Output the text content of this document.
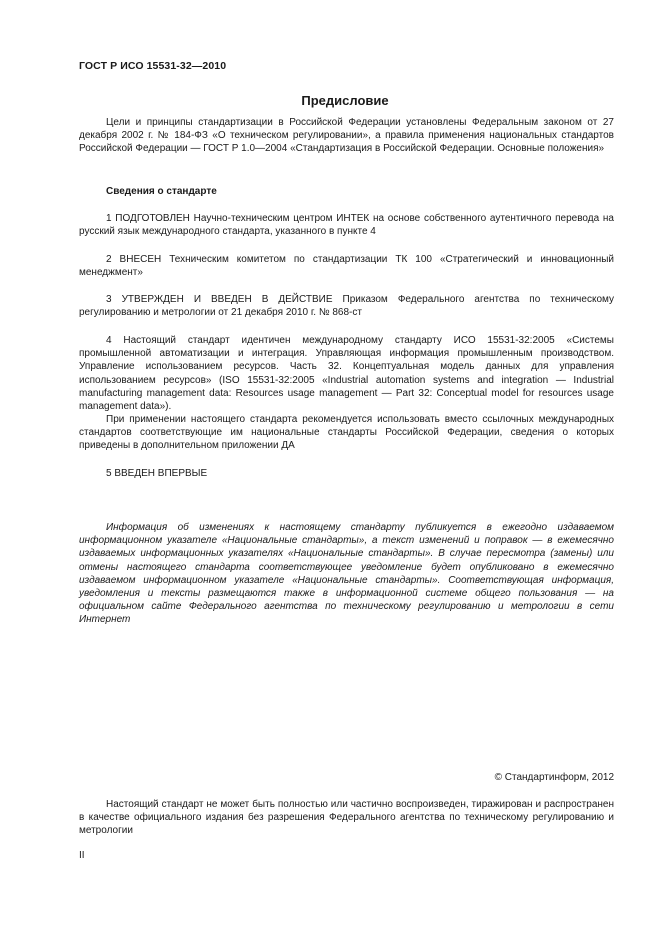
ГОСТ Р ИСО 15531-32—2010
Предисловие

Цели и принципы стандартизации в Российской Федерации установлены Федеральным законом от 27 декабря 2002 г. № 184-ФЗ «О техническом регулировании», а правила применения национальных стандартов Российской Федерации — ГОСТ Р 1.0—2004 «Стандартизация в Российской Федерации. Основные положения»

Сведения о стандарте

1 ПОДГОТОВЛЕН Научно-техническим центром ИНТЕК на основе собственного аутентичного перевода на русский язык международного стандарта, указанного в пункте 4

2 ВНЕСЕН Техническим комитетом по стандартизации ТК 100 «Стратегический и инновационный менеджмент»

3 УТВЕРЖДЕН И ВВЕДЕН В ДЕЙСТВИЕ Приказом Федерального агентства по техническому регулированию и метрологии от 21 декабря 2010 г. № 868-ст

4 Настоящий стандарт идентичен международному стандарту ИСО 15531-32:2005 «Системы промышленной автоматизации и интеграция. Управляющая информация промышленным производством. Управление использованием ресурсов. Часть 32. Концептуальная модель данных для управления использованием ресурсов» (ISO 15531-32:2005 «Industrial automation systems and integration — Industrial manufacturing management data: Resources usage management — Part 32: Conceptual model for resources usage management data»).

При применении настоящего стандарта рекомендуется использовать вместо ссылочных международных стандартов соответствующие им национальные стандарты Российской Федерации, сведения о которых приведены в дополнительном приложении ДА

5 ВВЕДЕН ВПЕРВЫЕ

Информация об изменениях к настоящему стандарту публикуется в ежегодно издаваемом информационном указателе «Национальные стандарты», а текст изменений и поправок — в ежемесячно издаваемых информационных указателях «Национальные стандарты». В случае пересмотра (замены) или отмены настоящего стандарта соответствующее уведомление будет опубликовано в ежемесячно издаваемом информационном указателе «Национальные стандарты». Соответствующая информация, уведомления и тексты размещаются также в информационной системе общего пользования — на официальном сайте Федерального агентства по техническому регулированию и метрологии в сети Интернет

© Стандартинформ, 2012

Настоящий стандарт не может быть полностью или частично воспроизведен, тиражирован и распространен в качестве официального издания без разрешения Федерального агентства по техническому регулированию и метрологии

II
